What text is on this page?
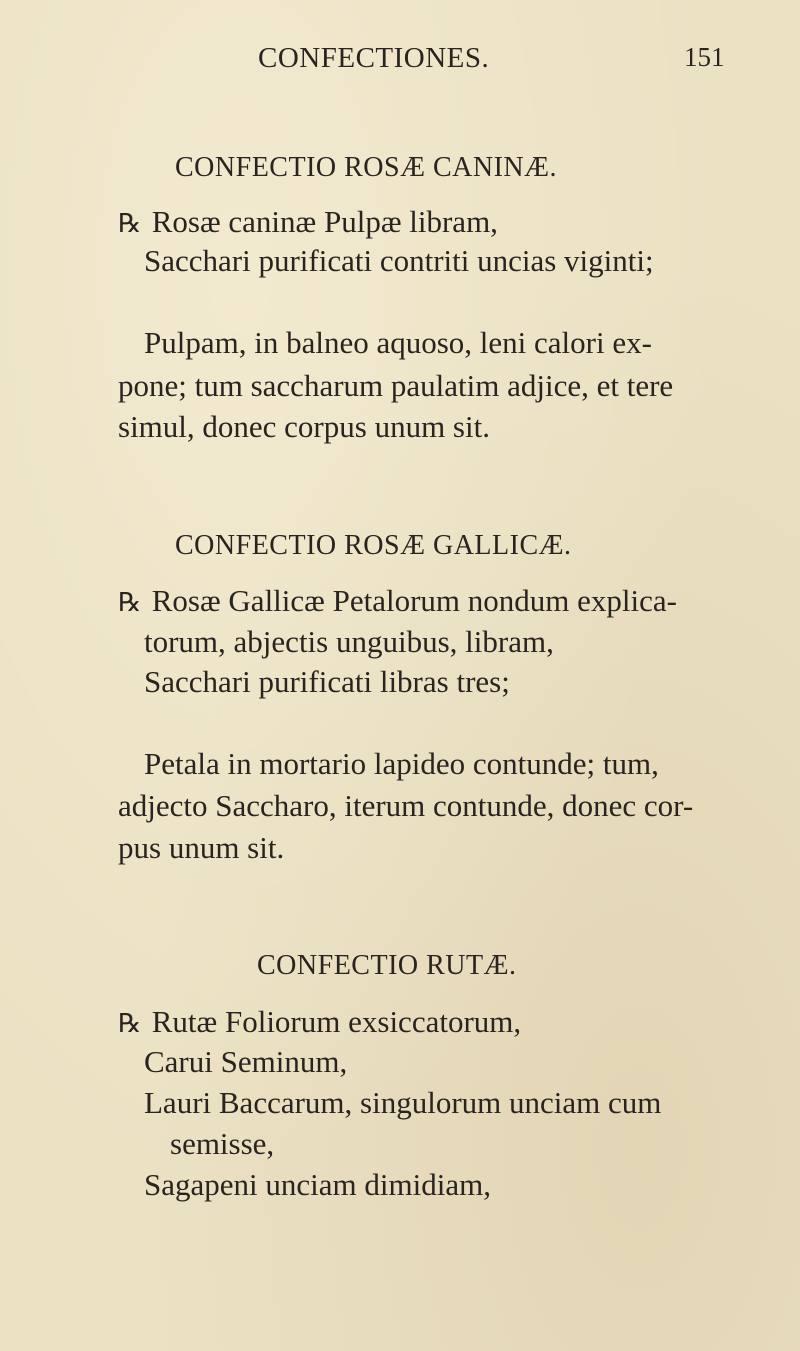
CONFECTIONES.	151
CONFECTIO ROSÆ CANINÆ.
℞ Rosæ caninæ Pulpæ libram,
Sacchari purificati contriti uncias viginti;
Pulpam, in balneo aquoso, leni calori ex-
pone; tum saccharum paulatim adjice, et tere
simul, donec corpus unum sit.
CONFECTIO ROSÆ GALLICÆ.
℞ Rosæ Gallicæ Petalorum nondum explica-
torum, abjectis unguibus, libram,
Sacchari purificati libras tres;
Petala in mortario lapideo contunde; tum,
adjecto Saccharo, iterum contunde, donec cor-
pus unum sit.
CONFECTIO RUTÆ.
℞ Rutæ Foliorum exsiccatorum,
Carui Seminum,
Lauri Baccarum, singulorum unciam cum
semisse,
Sagapeni unciam dimidiam,
